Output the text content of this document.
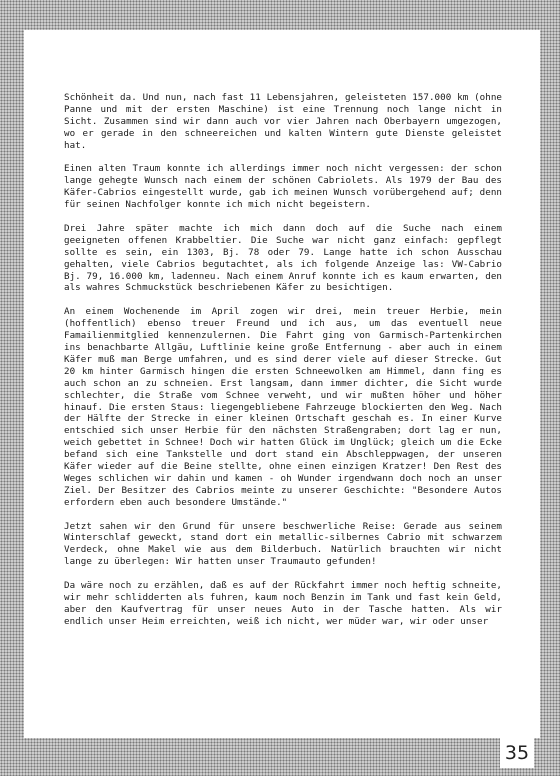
Schönheit da. Und nun, nach fast 11 Lebensjahren, geleisteten 157.000 km (ohne Panne und mit der ersten Maschine) ist eine Trennung noch lange nicht in Sicht. Zusammen sind wir dann auch vor vier Jahren nach Oberbayern umgezogen, wo er gerade in den schneereichen und kalten Wintern gute Dienste geleistet hat.

Einen alten Traum konnte ich allerdings immer noch nicht vergessen: der schon lange gehegte Wunsch nach einem der schönen Cabriolets. Als 1979 der Bau des Käfer-Cabrios eingestellt wurde, gab ich meinen Wunsch vorübergehend auf; denn für seinen Nachfolger konnte ich mich nicht begeistern.

Drei Jahre später machte ich mich dann doch auf die Suche nach einem geeigneten offenen Krabbeltier. Die Suche war nicht ganz einfach: gepflegt sollte es sein, ein 1303, Bj. 78 oder 79. Lange hatte ich schon Ausschau gehalten, viele Cabrios begutachtet, als ich folgende Anzeige las: VW-Cabrio Bj. 79, 16.000 km, ladenneu. Nach einem Anruf konnte ich es kaum erwarten, den als wahres Schmuckstück beschriebenen Käfer zu besichtigen.

An einem Wochenende im April zogen wir drei, mein treuer Herbie, mein (hoffentlich) ebenso treuer Freund und ich aus, um das eventuell neue Famailienmitglied kennenzulernen. Die Fahrt ging von Garmisch-Partenkirchen ins benachbarte Allgäu, Luftlinie keine große Entfernung - aber auch in einem Käfer muß man Berge umfahren, und es sind derer viele auf dieser Strecke. Gut 20 km hinter Garmisch hingen die ersten Schneewolken am Himmel, dann fing es auch schon an zu schneien. Erst langsam, dann immer dichter, die Sicht wurde schlechter, die Straße vom Schnee verweht, und wir mußten höher und höher hinauf. Die ersten Staus: liegengebliebene Fahrzeuge blockierten den Weg. Nach der Hälfte der Strecke in einer kleinen Ortschaft geschah es. In einer Kurve entschied sich unser Herbie für den nächsten Straßengraben; dort lag er nun, weich gebettet in Schnee! Doch wir hatten Glück im Unglück; gleich um die Ecke befand sich eine Tankstelle und dort stand ein Abschleppwagen, der unseren Käfer wieder auf die Beine stellte, ohne einen einzigen Kratzer! Den Rest des Weges schlichen wir dahin und kamen - oh Wunder irgendwann doch noch an unser Ziel. Der Besitzer des Cabrios meinte zu unserer Geschichte: "Besondere Autos erfordern eben auch besondere Umstände."

Jetzt sahen wir den Grund für unsere beschwerliche Reise: Gerade aus seinem Winterschlaf geweckt, stand dort ein metallic-silbernes Cabrio mit schwarzem Verdeck, ohne Makel wie aus dem Bilderbuch. Natürlich brauchten wir nicht lange zu überlegen: Wir hatten unser Traumauto gefunden!

Da wäre noch zu erzählen, daß es auf der Rückfahrt immer noch heftig schneite, wir mehr schlidderten als fuhren, kaum noch Benzin im Tank und fast kein Geld, aber den Kaufvertrag für unser neues Auto in der Tasche hatten. Als wir endlich unser Heim erreichten, weiß ich nicht, wer müder war, wir oder unser

35
